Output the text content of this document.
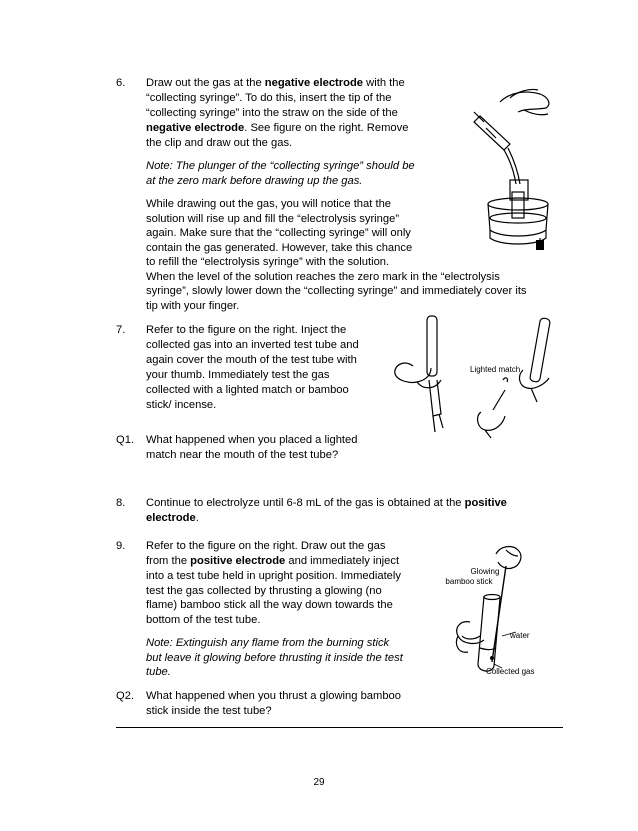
6. Draw out the gas at the negative electrode with the
“collecting syringe”. To do this, insert the tip of the
“collecting syringe” into the straw on the side of the
negative electrode. See figure on the right. Remove
the clip and draw out the gas.
Note: The plunger of the “collecting syringe” should be
at the zero mark before drawing up the gas.
While drawing out the gas, you will notice that the
solution will rise up and fill the “electrolysis syringe”
again. Make sure that the “collecting syringe” will only
contain the gas generated. However, take this chance
to refill the “electrolysis syringe” with the solution.
When the level of the solution reaches the zero mark in the “electrolysis
syringe”, slowly lower down the “collecting syringe” and immediately cover its
tip with your finger.
7. Refer to the figure on the right. Inject the
collected gas into an inverted test tube and
again cover the mouth of the test tube with
your thumb. Immediately test the gas
collected with a lighted match or bamboo
stick/ incense.
Lighted match
Q1. What happened when you placed a lighted
match near the mouth of the test tube?
8. Continue to electrolyze until 6-8 mL of the gas is obtained at the positive
electrode.
9. Refer to the figure on the right. Draw out the gas
from the positive electrode and immediately inject
into a test tube held in upright position. Immediately
test the gas collected by thrusting a glowing (no
flame) bamboo stick all the way down towards the
bottom of the test tube.
Note: Extinguish any flame from the burning stick
but leave it glowing before thrusting it inside the test
tube.
Glowing
bamboo stick
water
Collected gas
Q2. What happened when you thrust a glowing bamboo
stick inside the test tube?
29
